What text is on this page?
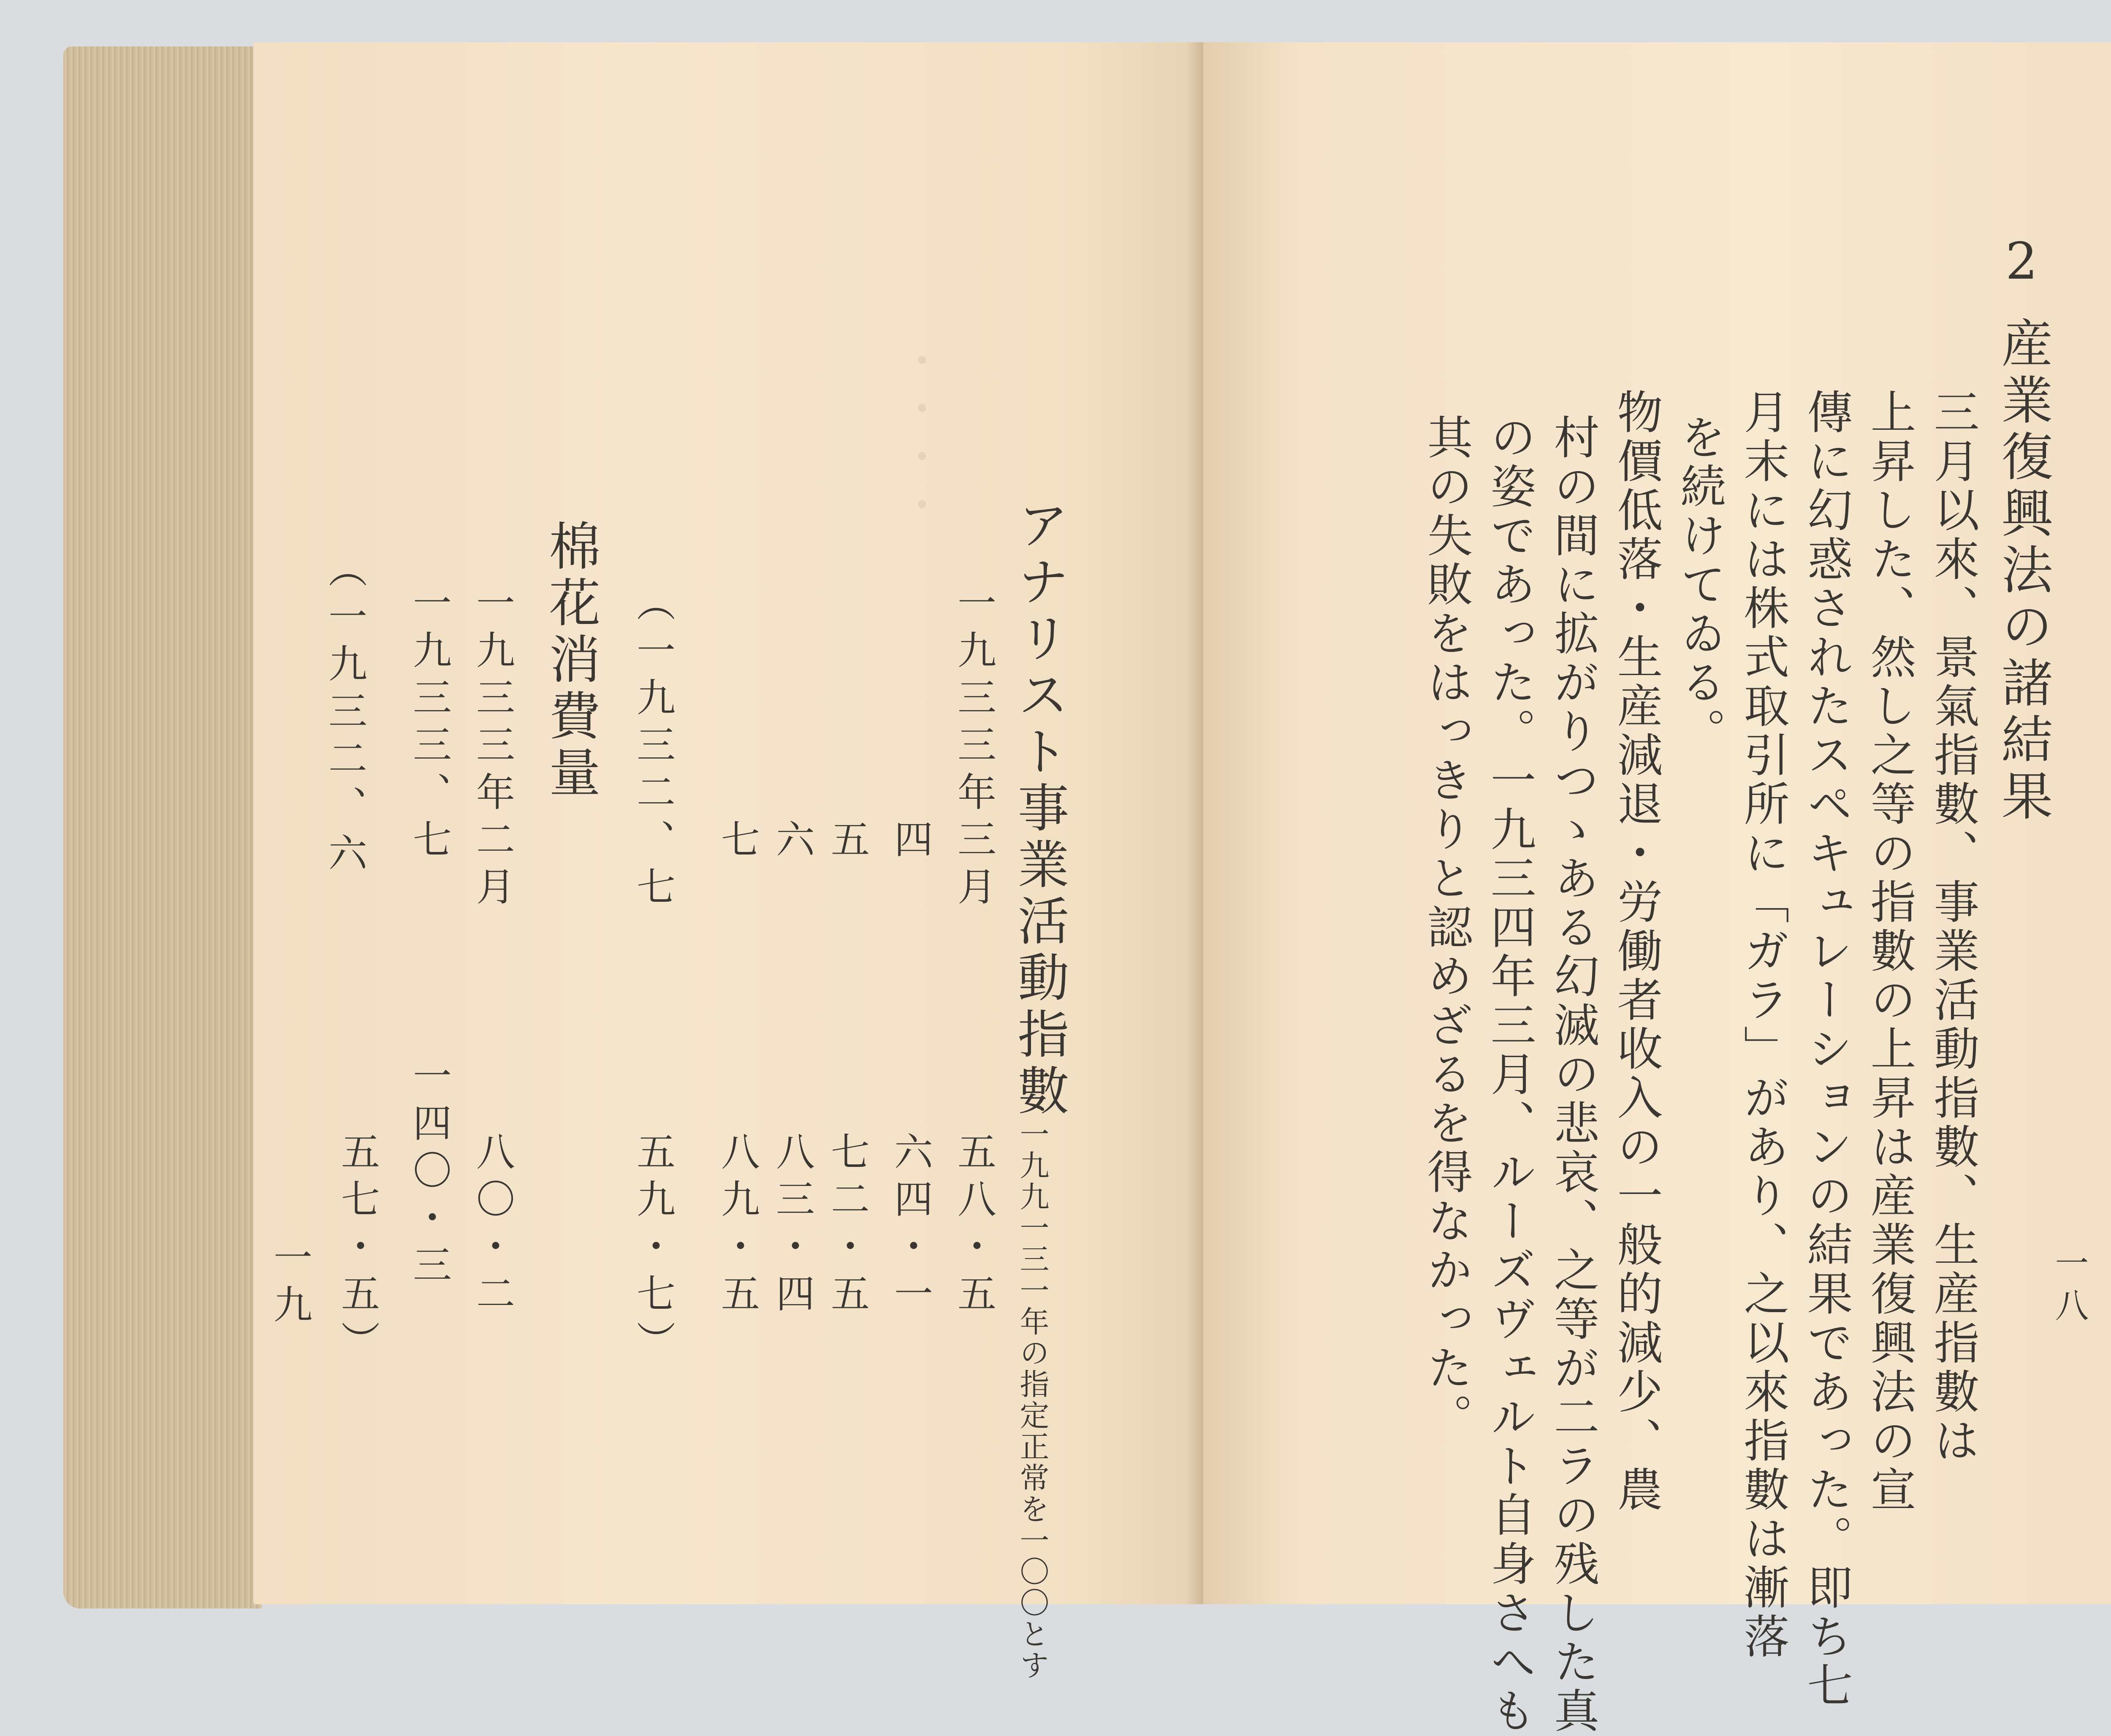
・・・・
アナリスト事業活動指數
一九九一三一年の指定正常を一〇〇とす
一九三三年三月
四
五
六
七
（一九三二、七
五八・五
六四・一
七二・五
八三・四
八九・五
五九・七）
棉花消費量
一九三三年二月
一九三三、七
（一九三二、六
八〇・二
一四〇・三
五七・五）
一九
2
産業復興法の諸結果
三月以來、景氣指數、事業活動指數、生産指數は
上昇した、然し之等の指數の上昇は産業復興法の宣
傳に幻惑されたスペキュレーションの結果であった。即ち七
月末には株式取引所に「ガラ」があり、之以來指數は漸落
を続けてゐる。
物價低落・生産減退・労働者收入の一般的減少、農
村の間に拡がりつゝある幻滅の悲哀、之等が二ラの残した真
の姿であった。一九三四年三月、ルーズヴェルト自身さへも
其の失敗をはっきりと認めざるを得なかった。	一八
